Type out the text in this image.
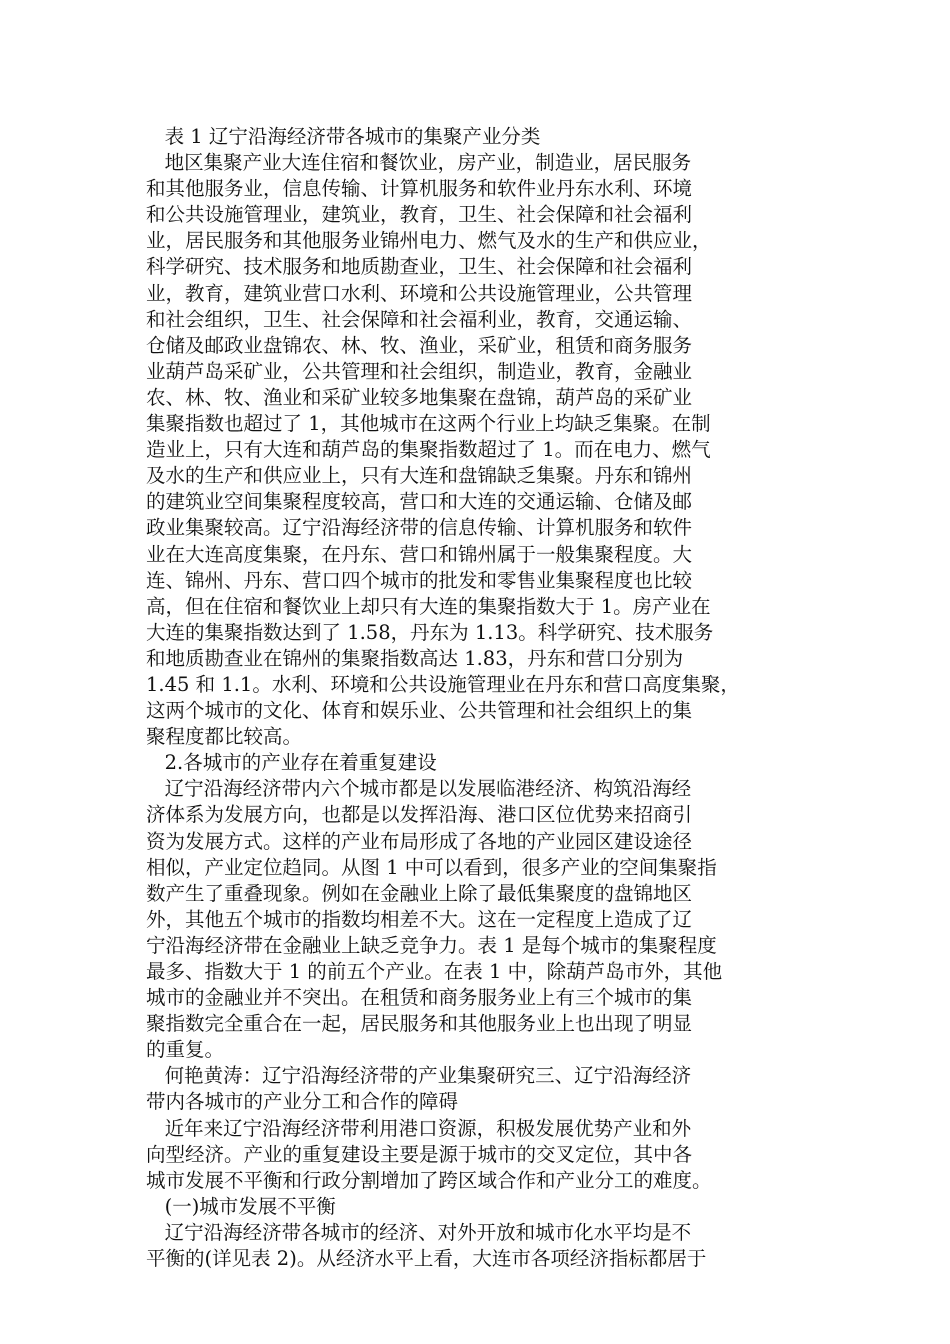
表 1 辽宁沿海经济带各城市的集聚产业分类
地区集聚产业大连住宿和餐饮业，房产业，制造业，居民服务
和其他服务业，信息传输、计算机服务和软件业丹东水利、环境
和公共设施管理业，建筑业，教育，卫生、社会保障和社会福利
业，居民服务和其他服务业锦州电力、燃气及水的生产和供应业，
科学研究、技术服务和地质勘查业，卫生、社会保障和社会福利
业，教育，建筑业营口水利、环境和公共设施管理业，公共管理
和社会组织，卫生、社会保障和社会福利业，教育，交通运输、
仓储及邮政业盘锦农、林、牧、渔业，采矿业，租赁和商务服务
业葫芦岛采矿业，公共管理和社会组织，制造业，教育，金融业
农、林、牧、渔业和采矿业较多地集聚在盘锦，葫芦岛的采矿业
集聚指数也超过了 1，其他城市在这两个行业上均缺乏集聚。在制
造业上，只有大连和葫芦岛的集聚指数超过了 1。而在电力、燃气
及水的生产和供应业上，只有大连和盘锦缺乏集聚。丹东和锦州
的建筑业空间集聚程度较高，营口和大连的交通运输、仓储及邮
政业集聚较高。辽宁沿海经济带的信息传输、计算机服务和软件
业在大连高度集聚，在丹东、营口和锦州属于一般集聚程度。大
连、锦州、丹东、营口四个城市的批发和零售业集聚程度也比较
高，但在住宿和餐饮业上却只有大连的集聚指数大于 1。房产业在
大连的集聚指数达到了 1.58，丹东为 1.13。科学研究、技术服务
和地质勘查业在锦州的集聚指数高达 1.83，丹东和营口分别为
1.45 和 1.1。水利、环境和公共设施管理业在丹东和营口高度集聚，
这两个城市的文化、体育和娱乐业、公共管理和社会组织上的集
聚程度都比较高。
2.各城市的产业存在着重复建设
辽宁沿海经济带内六个城市都是以发展临港经济、构筑沿海经
济体系为发展方向，也都是以发挥沿海、港口区位优势来招商引
资为发展方式。这样的产业布局形成了各地的产业园区建设途径
相似，产业定位趋同。从图 1 中可以看到，很多产业的空间集聚指
数产生了重叠现象。例如在金融业上除了最低集聚度的盘锦地区
外，其他五个城市的指数均相差不大。这在一定程度上造成了辽
宁沿海经济带在金融业上缺乏竞争力。表 1 是每个城市的集聚程度
最多、指数大于 1 的前五个产业。在表 1 中，除葫芦岛市外，其他
城市的金融业并不突出。在租赁和商务服务业上有三个城市的集
聚指数完全重合在一起，居民服务和其他服务业上也出现了明显
的重复。
何艳黄涛：辽宁沿海经济带的产业集聚研究三、辽宁沿海经济
带内各城市的产业分工和合作的障碍
近年来辽宁沿海经济带利用港口资源，积极发展优势产业和外
向型经济。产业的重复建设主要是源于城市的交叉定位，其中各
城市发展不平衡和行政分割增加了跨区域合作和产业分工的难度。
(一)城市发展不平衡
辽宁沿海经济带各城市的经济、对外开放和城市化水平均是不
平衡的(详见表 2)。从经济水平上看，大连市各项经济指标都居于
